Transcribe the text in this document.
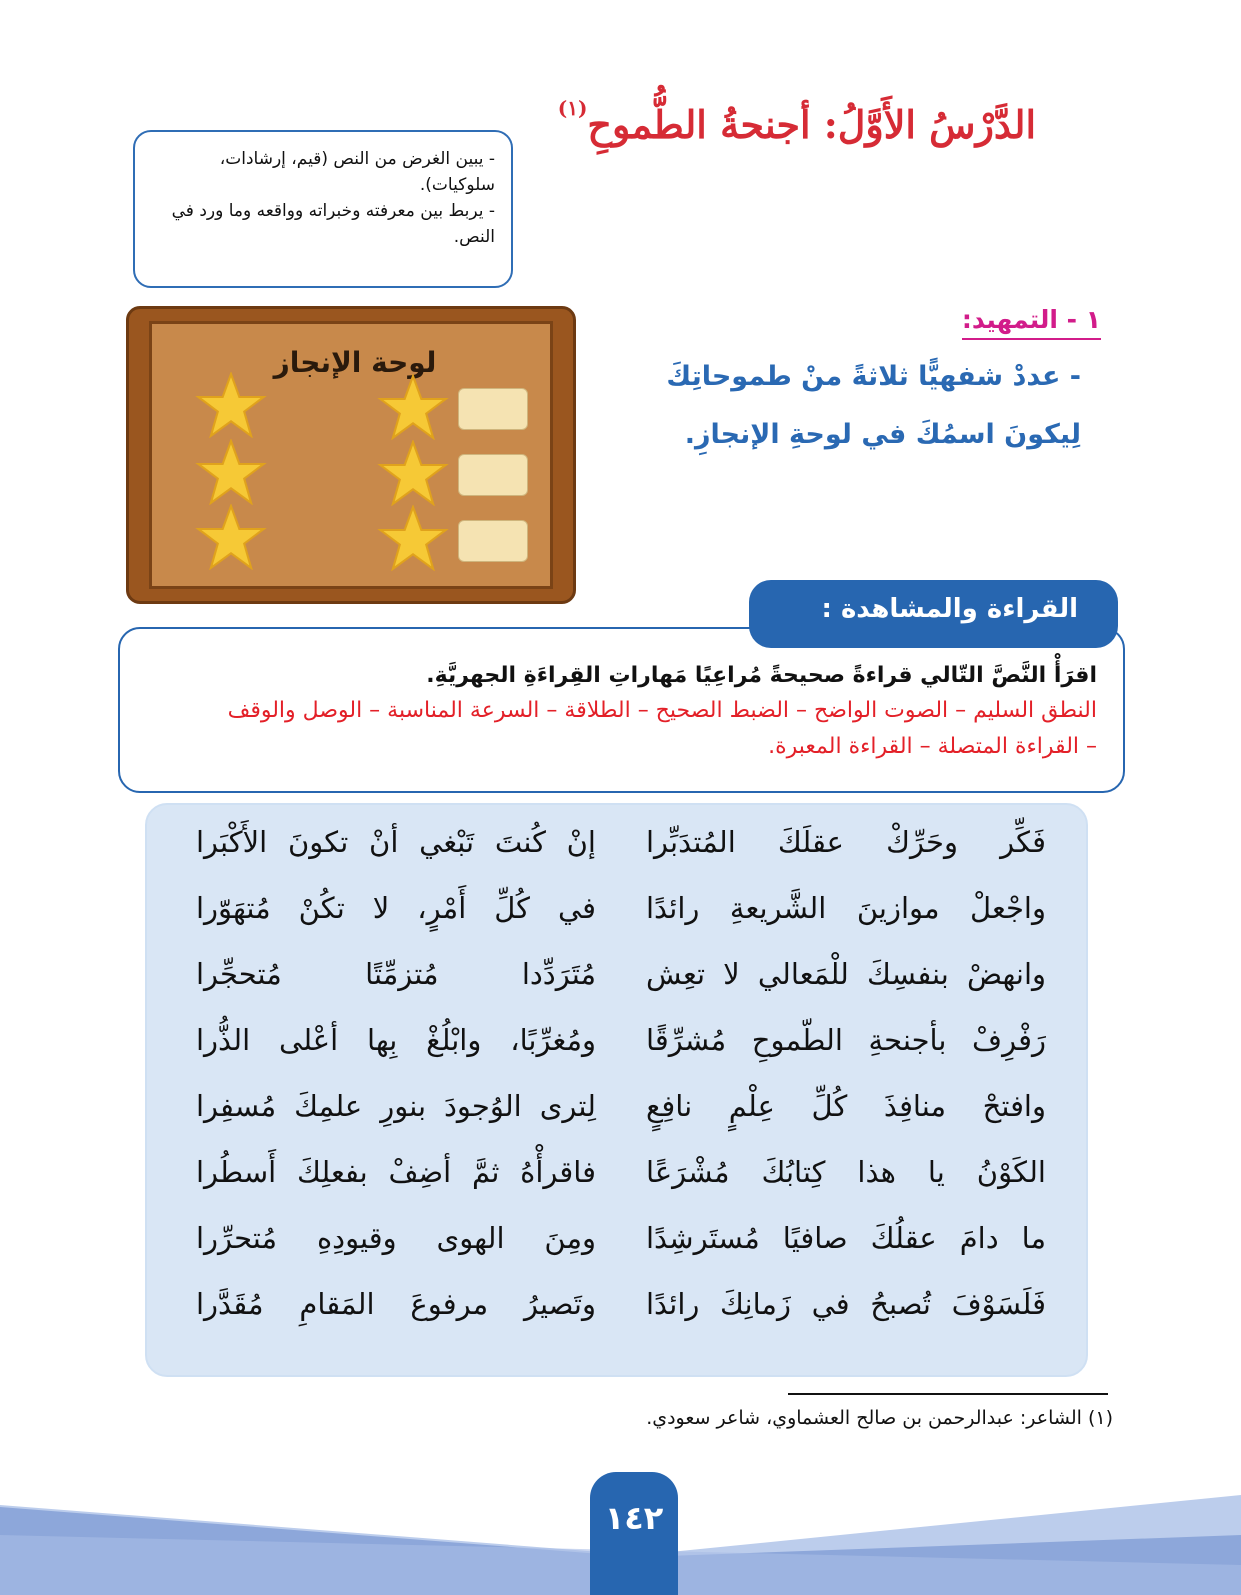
الدَّرْسُ الأَوَّلُ: أجنحةُ الطُّموحِ$^{(١)}$
- يبين الغرض من النص (قيم، إرشادات، سلوكيات).
- يربط بين معرفته وخبراته وواقعه وما ورد في النص.
١ - التمهيد:
- عددْ شفهيًّا ثلاثةً منْ طموحاتِكَ لِيكونَ اسمُكَ في لوحةِ الإنجازِ.
لوحة الإنجاز
اقرَأْ النَّصَّ التّالي قراءةً صحيحةً مُراعِيًا مَهاراتِ القِراءَةِ الجهريَّةِ.
النطق السليم – الصوت الواضح – الضبط الصحيح – الطلاقة – السرعة المناسبة – الوصل والوقف
– القراءة المتصلة – القراءة المعبرة.
القراءة والمشاهدة :
فَكِّر وحَرِّكْ عقلَكَ المُتدَبِّرا
إنْ كُنتَ تَبْغي أنْ تكونَ الأَكْبَرا
واجْعلْ موازينَ الشَّريعةِ رائدًا
في كُلِّ أَمْرٍ، لا تكُنْ مُتهَوّرا
وانهضْ بنفسِكَ للْمَعالي لا تعِش
مُتَرَدِّدا مُتزمِّتًا مُتحجِّرا
رَفْرِفْ بأجنحةِ الطّموحِ مُشرِّقًا
ومُغرِّبًا، وابْلُغْ بِها أعْلى الذُّرا
وافتحْ منافِذَ كُلِّ عِلْمٍ نافِعٍ
لِترى الوُجودَ بنورِ علمِكَ مُسفِرا
الكَوْنُ يا هذا كِتابُكَ مُشْرَعًا
فاقرأْهُ ثمَّ أضِفْ بفعلِكَ أَسطُرا
ما دامَ عقلُكَ صافيًا مُستَرشِدًا
ومِنَ الهوى وقيودِهِ مُتحرِّرا
فَلَسَوْفَ تُصبحُ في زَمانِكَ رائدًا
وتَصيرُ مرفوعَ المَقامِ مُقَدَّرا
(١) الشاعر: عبدالرحمن بن صالح العشماوي، شاعر سعودي.
١٤٢
